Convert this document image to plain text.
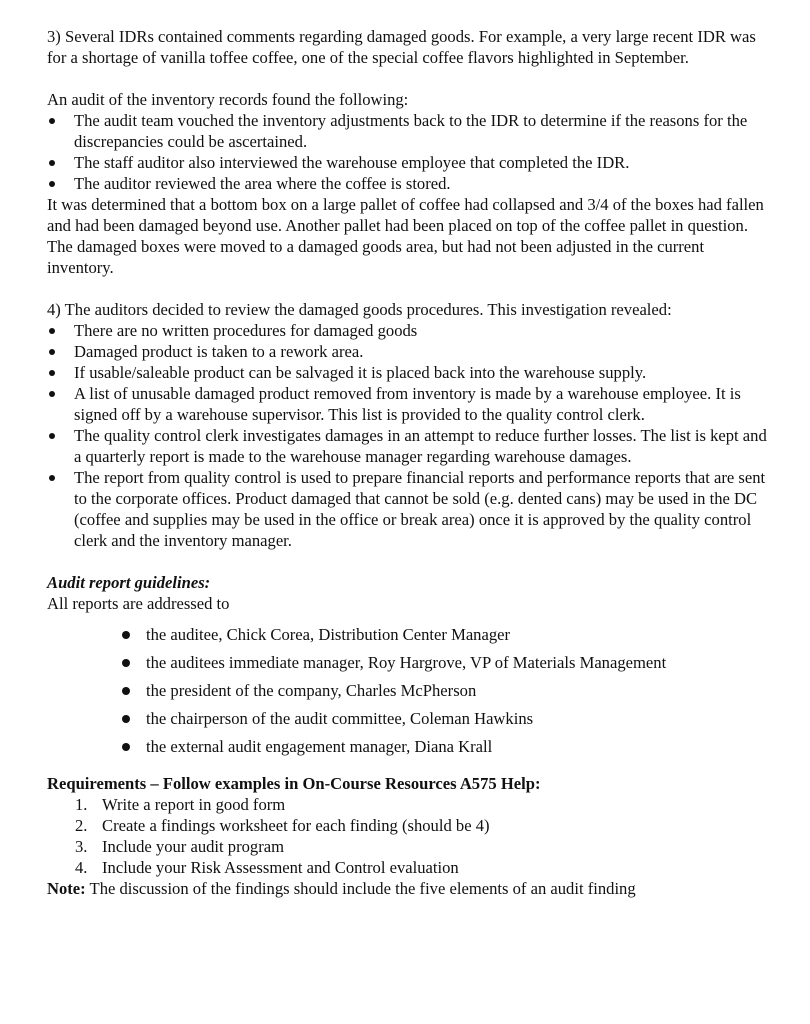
3) Several IDRs contained comments regarding damaged goods. For example, a very large recent IDR was for a shortage of vanilla toffee coffee, one of the special coffee flavors highlighted in September.

An audit of the inventory records found the following:

The audit team vouched the inventory adjustments back to the IDR to determine if the reasons for the discrepancies could be ascertained.
The staff auditor also interviewed the warehouse employee that completed the IDR.
The auditor reviewed the area where the coffee is stored.

It was determined that a bottom box on a large pallet of coffee had collapsed and 3/4 of the boxes had fallen and had been damaged beyond use. Another pallet had been placed on top of the coffee pallet in question. The damaged boxes were moved to a damaged goods area, but had not been adjusted in the current inventory.

4) The auditors decided to review the damaged goods procedures. This investigation revealed:

There are no written procedures for damaged goods
Damaged product is taken to a rework area.
If usable/saleable product can be salvaged it is placed back into the warehouse supply.
A list of unusable damaged product removed from inventory is made by a warehouse employee. It is signed off by a warehouse supervisor. This list is provided to the quality control clerk.
The quality control clerk investigates damages in an attempt to reduce further losses. The list is kept and a quarterly report is made to the warehouse manager regarding warehouse damages.
The report from quality control is used to prepare financial reports and performance reports that are sent to the corporate offices. Product damaged that cannot be sold (e.g. dented cans) may be used in the DC (coffee and supplies may be used in the office or break area) once it is approved by the quality control clerk and the inventory manager.

Audit report guidelines:

All reports are addressed to

the auditee, Chick Corea, Distribution Center Manager
the auditees immediate manager, Roy Hargrove, VP of Materials Management
the president of the company, Charles McPherson
the chairperson of the audit committee, Coleman Hawkins
the external audit engagement manager, Diana Krall

Requirements – Follow examples in On-Course Resources A575 Help:

1. Write a report in good form
2. Create a findings worksheet for each finding (should be 4)
3. Include your audit program
4. Include your Risk Assessment and Control evaluation

Note: The discussion of the findings should include the five elements of an audit finding
